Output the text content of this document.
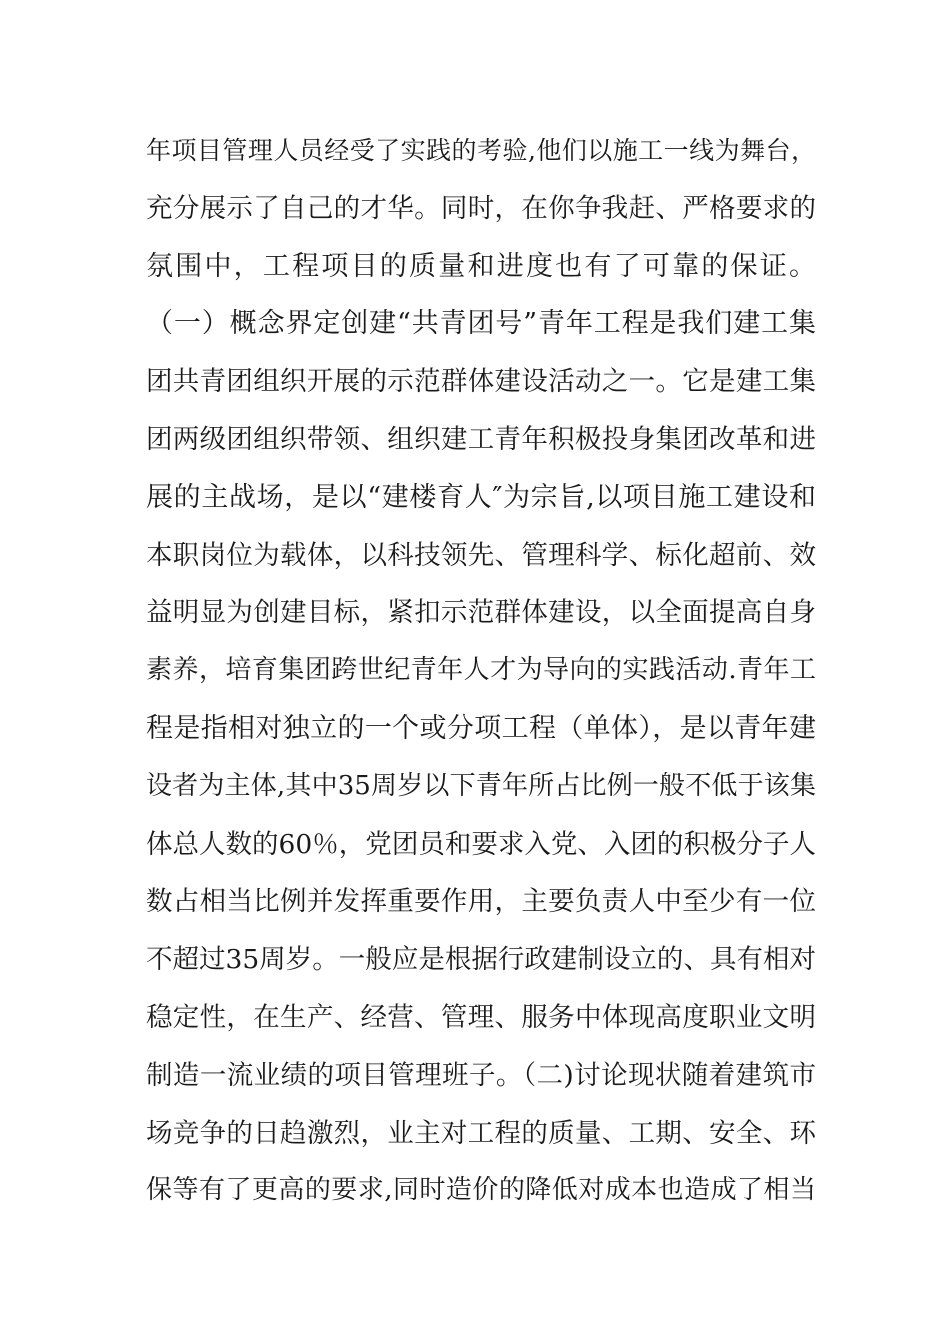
年项目管理人员经受了实践的考验,他们以施工一线为舞台，
充分展示了自己的才华。同时，在你争我赶、严格要求的
氛围中，工程项目的质量和进度也有了可靠的保证。
（一）概念界定创建“共青团号”青年工程是我们建工集
团共青团组织开展的示范群体建设活动之一。它是建工集
团两级团组织带领、组织建工青年积极投身集团改革和进
展的主战场，是以“建楼育人″为宗旨,以项目施工建设和
本职岗位为载体，以科技领先、管理科学、标化超前、效
益明显为创建目标，紧扣示范群体建设，以全面提高自身
素养，培育集团跨世纪青年人才为导向的实践活动.青年工
程是指相对独立的一个或分项工程（单体），是以青年建
设者为主体,其中35周岁以下青年所占比例一般不低于该集
体总人数的60％，党团员和要求入党、入团的积极分子人
数占相当比例并发挥重要作用，主要负责人中至少有一位
不超过35周岁。一般应是根据行政建制设立的、具有相对
稳定性，在生产、经营、管理、服务中体现高度职业文明
制造一流业绩的项目管理班子。（二)讨论现状随着建筑市
场竞争的日趋激烈，业主对工程的质量、工期、安全、环
保等有了更高的要求,同时造价的降低对成本也造成了相当
